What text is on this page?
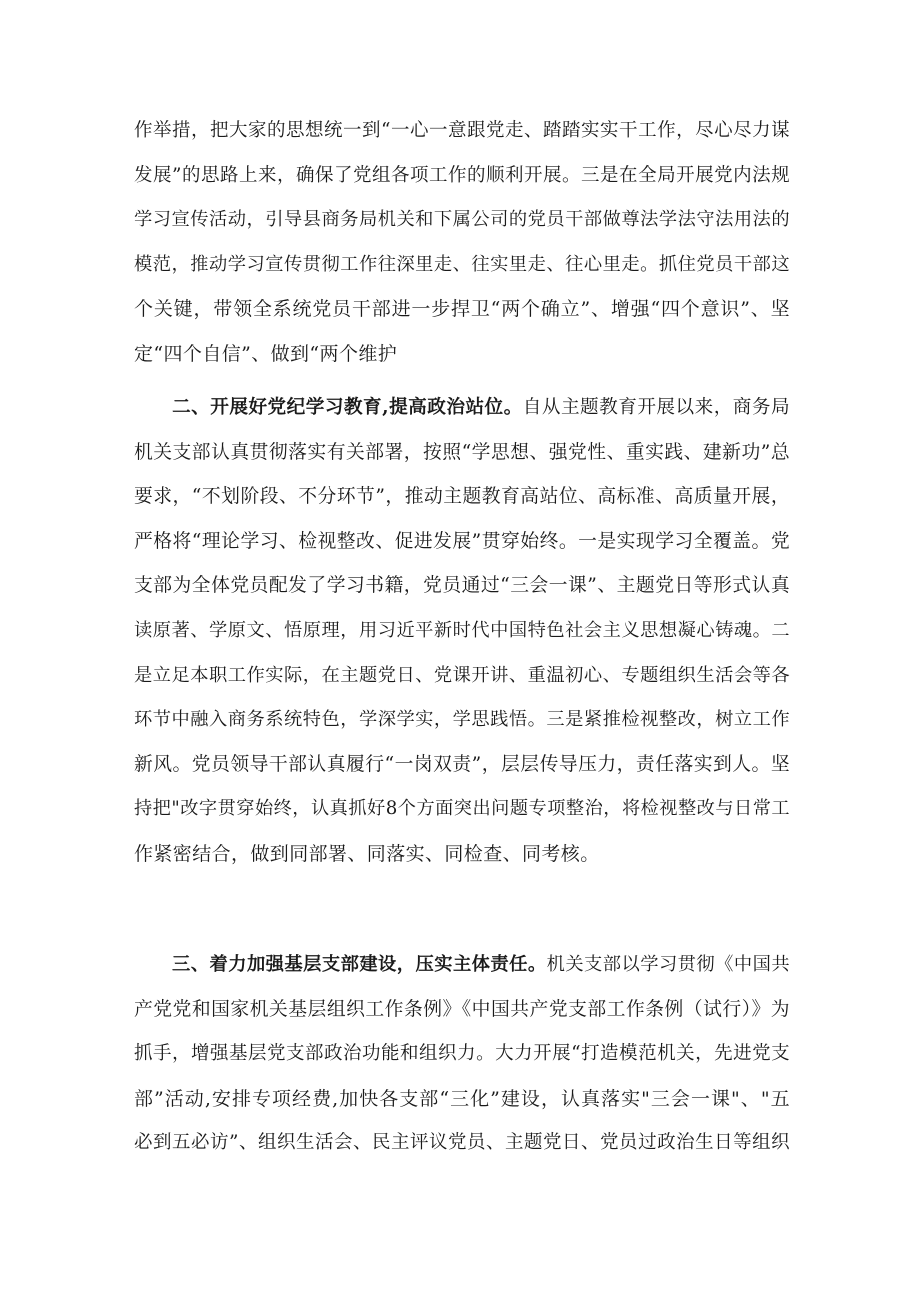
作举措，把大家的思想统一到“一心一意跟党走、踏踏实实干工作，尽心尽力谋
发展”的思路上来，确保了党组各项工作的顺利开展。三是在全局开展党内法规
学习宣传活动，引导县商务局机关和下属公司的党员干部做尊法学法守法用法的
模范，推动学习宣传贯彻工作往深里走、往实里走、往心里走。抓住党员干部这
个关键，带领全系统党员干部进一步捍卫“两个确立”、增强“四个意识”、坚
定“四个自信”、做到“两个维护
二、开展好党纪学习教育,提高政治站位。自从主题教育开展以来，商务局
机关支部认真贯彻落实有关部署，按照“学思想、强党性、重实践、建新功”总
要求，“不划阶段、不分环节”，推动主题教育高站位、高标准、高质量开展，
严格将“理论学习、检视整改、促进发展”贯穿始终。一是实现学习全覆盖。党
支部为全体党员配发了学习书籍，党员通过“三会一课”、主题党日等形式认真
读原著、学原文、悟原理，用习近平新时代中国特色社会主义思想凝心铸魂。二
是立足本职工作实际，在主题党日、党课开讲、重温初心、专题组织生活会等各
环节中融入商务系统特色，学深学实，学思践悟。三是紧推检视整改，树立工作
新风。党员领导干部认真履行“一岗双责”，层层传导压力，责任落实到人。坚
持把"改字贯穿始终，认真抓好8个方面突出问题专项整治，将检视整改与日常工
作紧密结合，做到同部署、同落实、同检查、同考核。
三、着力加强基层支部建设，压实主体责任。机关支部以学习贯彻《中国共
产党党和国家机关基层组织工作条例》《中国共产党支部工作条例（试行）》为
抓手，增强基层党支部政治功能和组织力。大力开展“打造模范机关，先进党支
部”活动,安排专项经费,加快各支部“三化”建设，认真落实"三会一课"、"五
必到五必访”、组织生活会、民主评议党员、主题党日、党员过政治生日等组织
